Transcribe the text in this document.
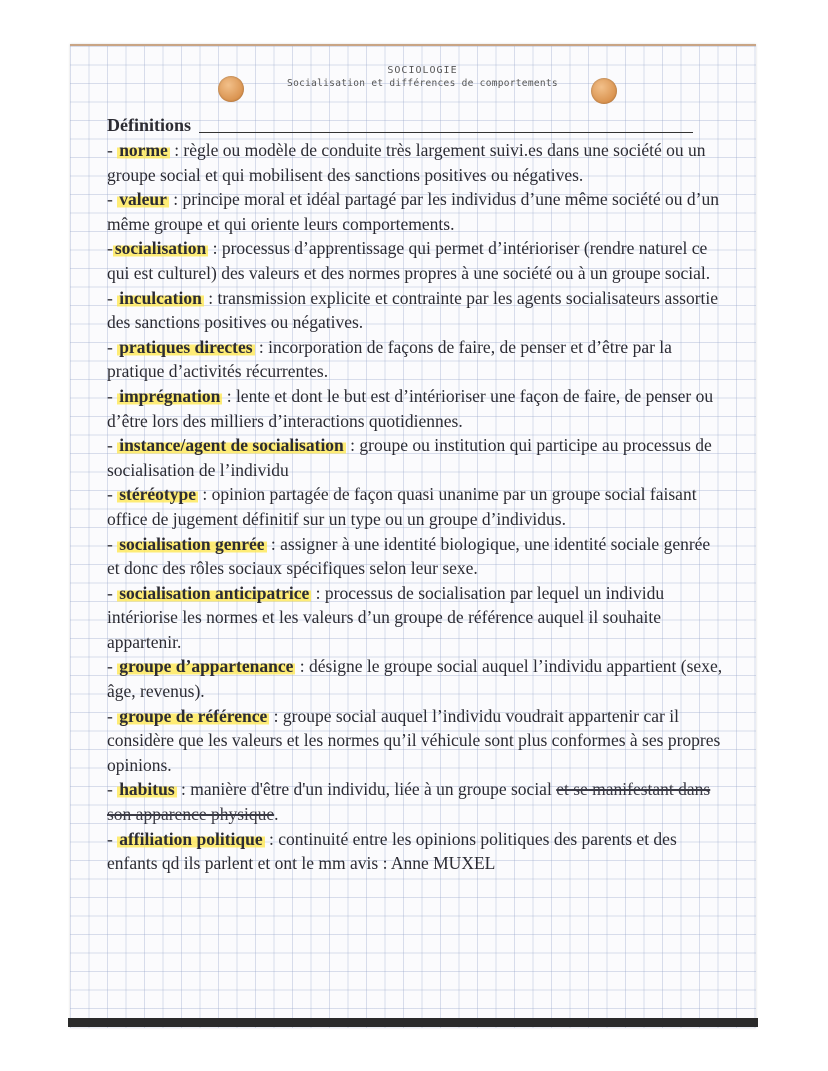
SOCIOLOGIE
Socialisation et différences de comportements
Définitions

- norme : règle ou modèle de conduite très largement suivi.es dans une société ou un groupe social et qui mobilisent des sanctions positives ou négatives.

- valeur : principe moral et idéal partagé par les individus d’une même société ou d’un même groupe et qui oriente leurs comportements.

- socialisation : processus d’apprentissage qui permet d’intérioriser (rendre naturel ce qui est culturel) des valeurs et des normes propres à une société ou à un groupe social.

- inculcation : transmission explicite et contrainte par les agents socialisateurs assortie des sanctions positives ou négatives.

- pratiques directes : incorporation de façons de faire, de penser et d’être par la pratique d’activités récurrentes.

- imprégnation : lente et dont le but est d’intérioriser une façon de faire, de penser ou d’être lors des milliers d’interactions quotidiennes.

- instance/agent de socialisation : groupe ou institution qui participe au processus de socialisation de l’individu

- stéréotype : opinion partagée de façon quasi unanime par un groupe social faisant office de jugement définitif sur un type ou un groupe d’individus.

- socialisation genrée : assigner à une identité biologique, une identité sociale genrée et donc des rôles sociaux spécifiques selon leur sexe.

- socialisation anticipatrice : processus de socialisation par lequel un individu intériorise les normes et les valeurs d’un groupe de référence auquel il souhaite appartenir.

- groupe d’appartenance : désigne le groupe social auquel l’individu appartient (sexe, âge, revenus).

- groupe de référence : groupe social auquel l’individu voudrait appartenir car il considère que les valeurs et les normes qu’il véhicule sont plus conformes à ses propres opinions.

- habitus : manière d'être d'un individu, liée à un groupe social et se manifestant dans son apparence physique.

- affiliation politique : continuité entre les opinions politiques des parents et des enfants qd ils parlent et ont le mm avis : Anne MUXEL
